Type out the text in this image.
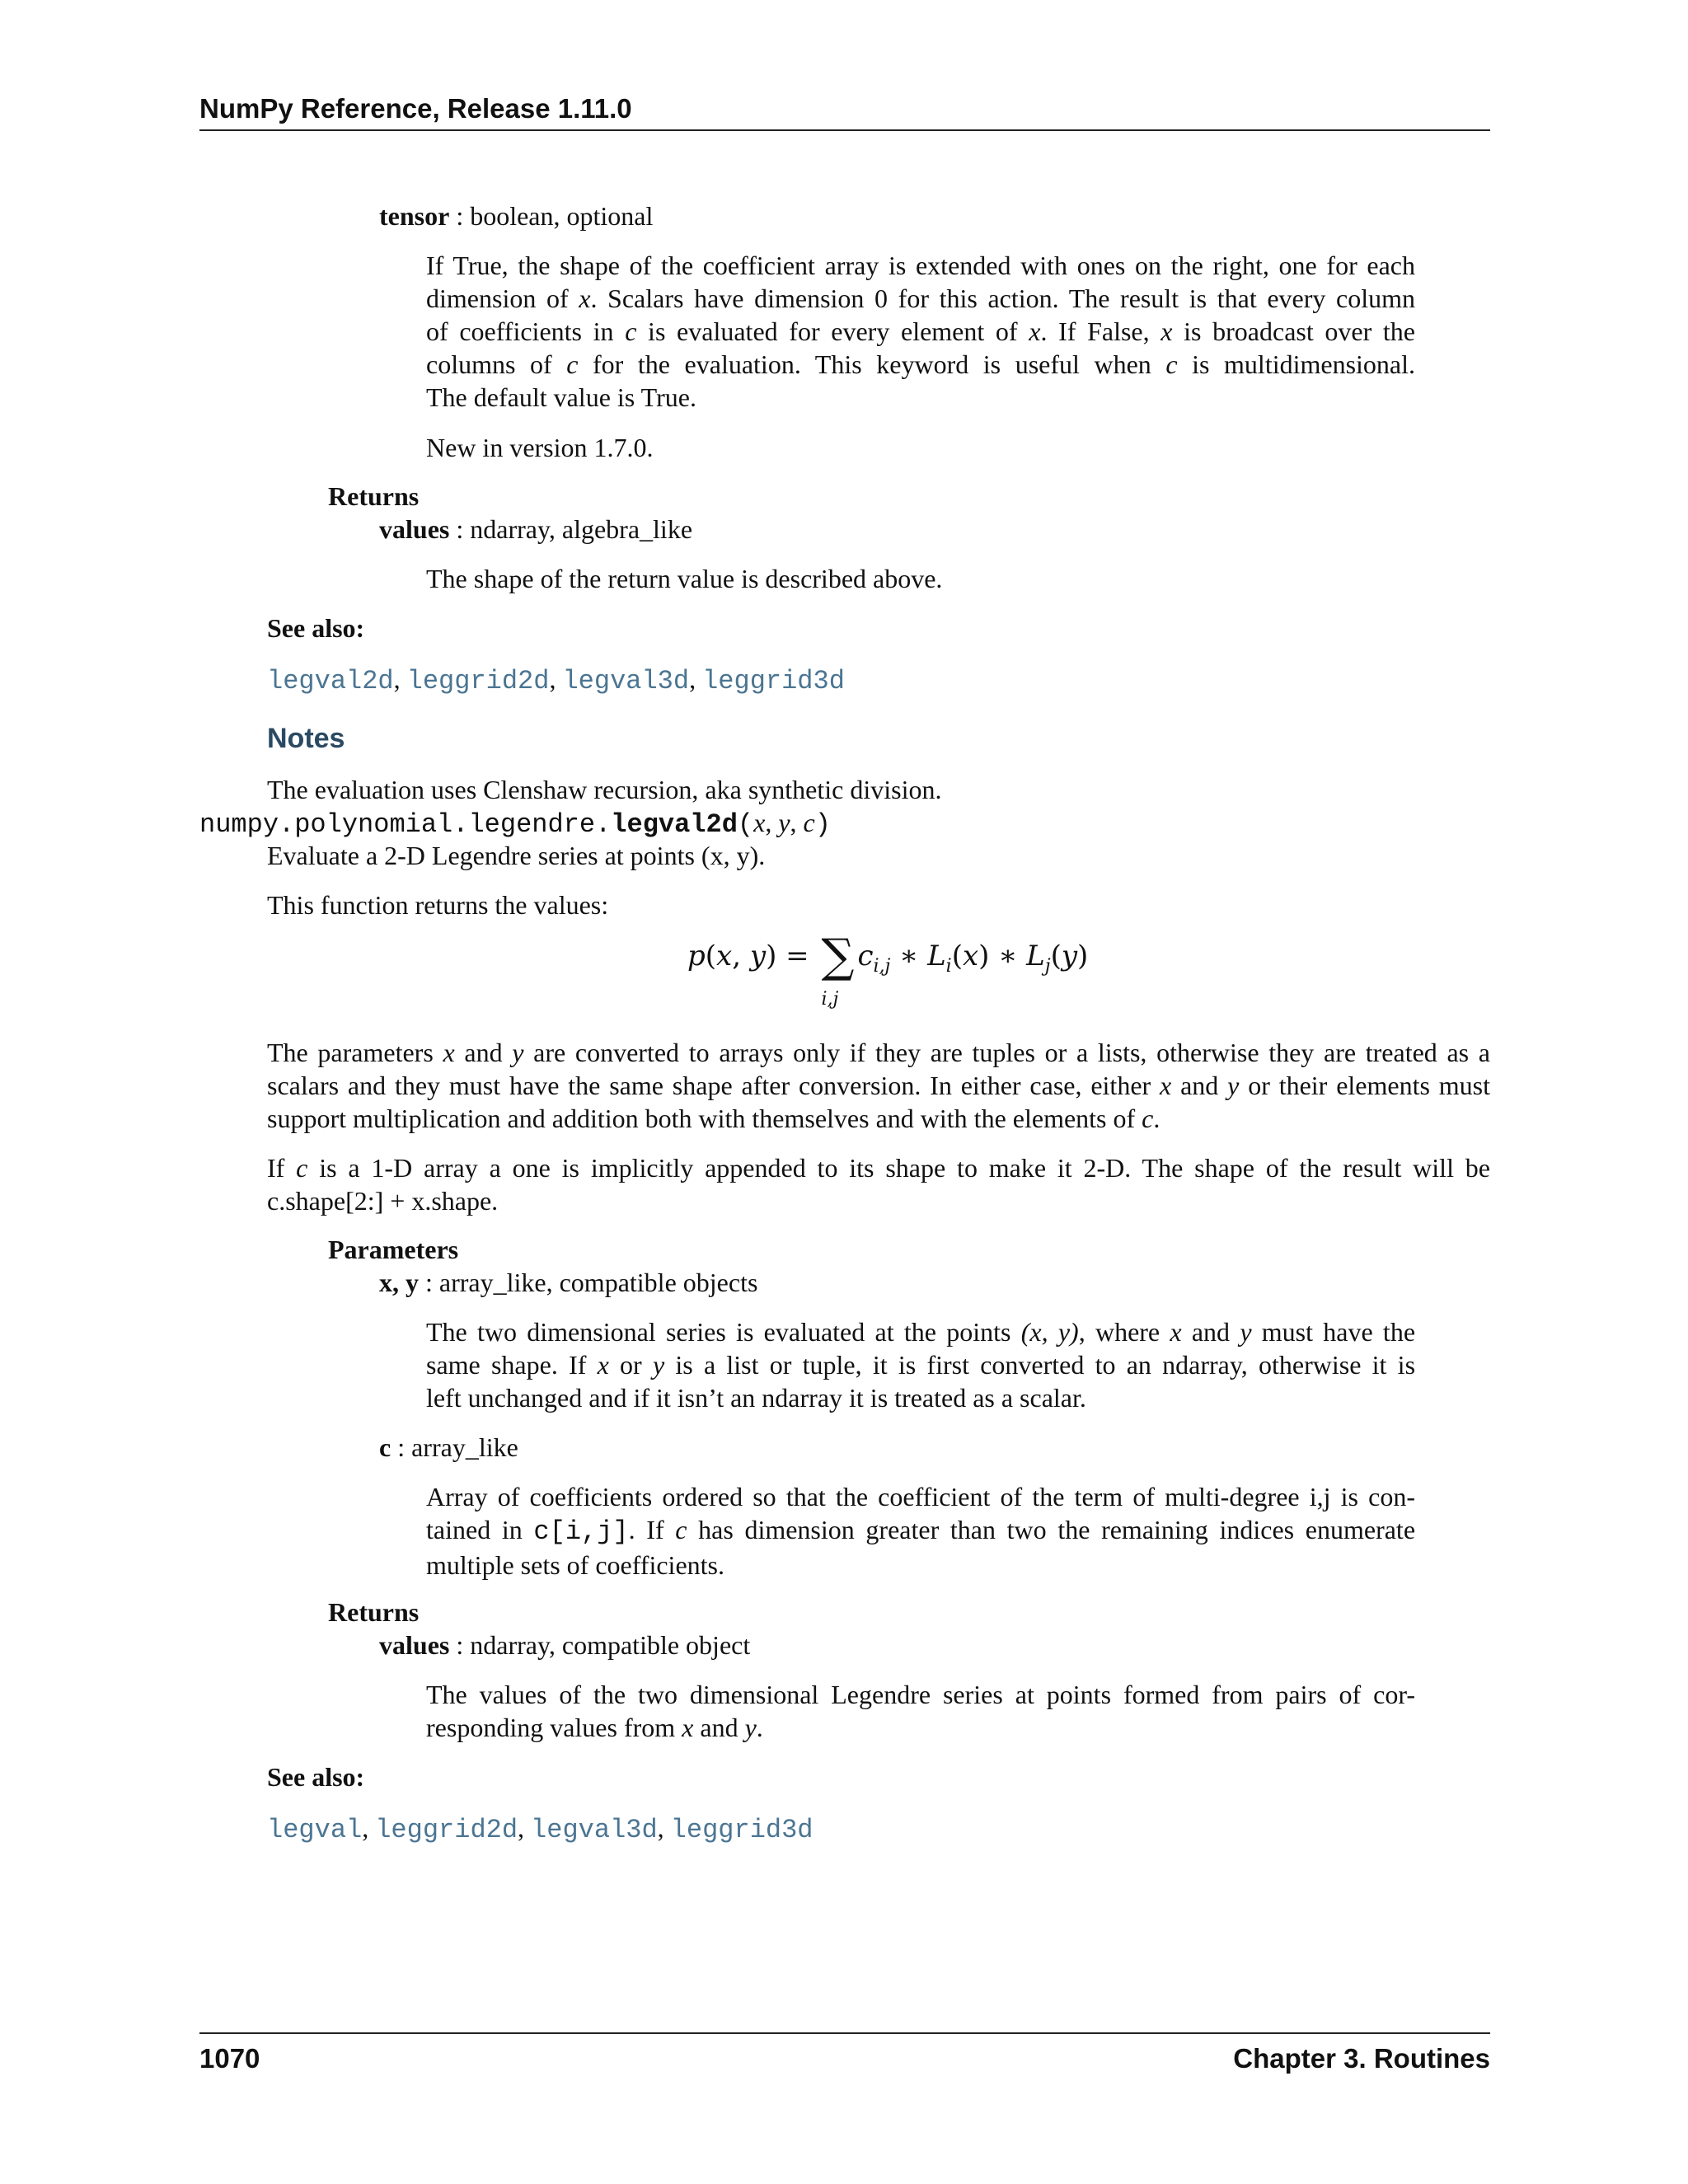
NumPy Reference, Release 1.11.0
tensor : boolean, optional
If True, the shape of the coefficient array is extended with ones on the right, one for each
dimension of x. Scalars have dimension 0 for this action. The result is that every column
of coefficients in c is evaluated for every element of x. If False, x is broadcast over the
columns of c for the evaluation. This keyword is useful when c is multidimensional.
The default value is True.
New in version 1.7.0.
Returns
values : ndarray, algebra_like
The shape of the return value is described above.
See also:
legval2d, leggrid2d, legval3d, leggrid3d
Notes
The evaluation uses Clenshaw recursion, aka synthetic division.
numpy.polynomial.legendre.legval2d(x, y, c)
Evaluate a 2-D Legendre series at points (x, y).
This function returns the values:
p(x, y) = ∑
i,j
$c_{i,j}$ ∗ $L_i(x)$ ∗ $L_j(y)$
The parameters x and y are converted to arrays only if they are tuples or a lists, otherwise they are treated as a
scalars and they must have the same shape after conversion. In either case, either x and y or their elements must
support multiplication and addition both with themselves and with the elements of c.
If c is a 1-D array a one is implicitly appended to its shape to make it 2-D. The shape of the result will be
c.shape[2:] + x.shape.
Parameters
x, y : array_like, compatible objects
The two dimensional series is evaluated at the points (x, y), where x and y must have the
same shape. If x or y is a list or tuple, it is first converted to an ndarray, otherwise it is
left unchanged and if it isn’t an ndarray it is treated as a scalar.
c : array_like
Array of coefficients ordered so that the coefficient of the term of multi-degree i,j is con-
tained in c[i,j]. If c has dimension greater than two the remaining indices enumerate
multiple sets of coefficients.
Returns
values : ndarray, compatible object
The values of the two dimensional Legendre series at points formed from pairs of cor-
responding values from x and y.
See also:
legval, leggrid2d, legval3d, leggrid3d
1070	Chapter 3. Routines
